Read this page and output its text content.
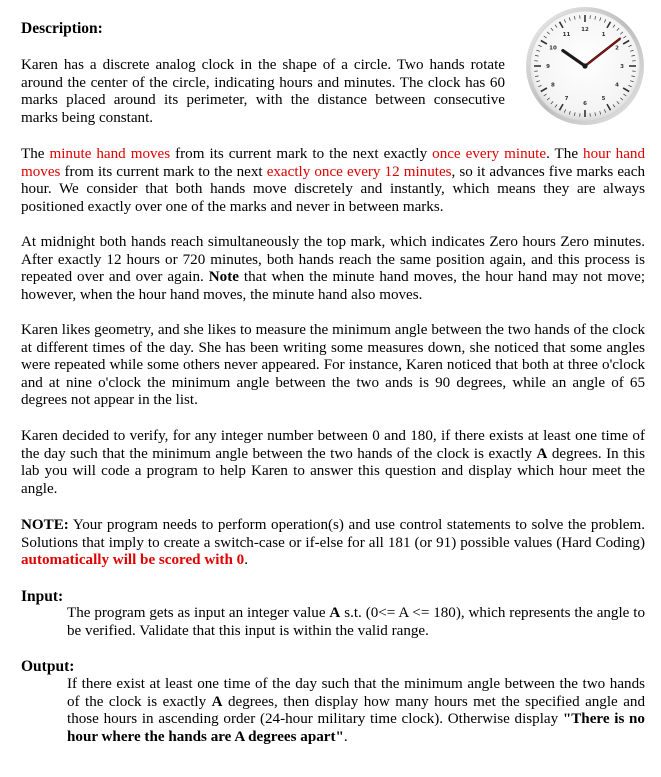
Description:	12
1
2
3
4
5
6
7
8
9
10
11

Karen has a discrete analog clock in the shape of a circle. Two hands rotate around the center of the circle, indicating hours and minutes. The clock has 60 marks placed around its perimeter, with the distance between consecutive marks being constant.

The minute hand moves from its current mark to the next exactly once every minute. The hour hand moves from its current mark to the next exactly once every 12 minutes, so it advances five marks each hour. We consider that both hands move discretely and instantly, which means they are always positioned exactly over one of the marks and never in between marks.

At midnight both hands reach simultaneously the top mark, which indicates Zero hours Zero minutes. After exactly 12 hours or 720 minutes, both hands reach the same position again, and this process is repeated over and over again. Note that when the minute hand moves, the hour hand may not move; however, when the hour hand moves, the minute hand also moves.

Karen likes geometry, and she likes to measure the minimum angle between the two hands of the clock at different times of the day. She has been writing some measures down, she noticed that some angles were repeated while some others never appeared. For instance, Karen noticed that both at three o'clock and at nine o'clock the minimum angle between the two ands is 90 degrees, while an angle of 65 degrees not appear in the list.

Karen decided to verify, for any integer number between 0 and 180, if there exists at least one time of the day such that the minimum angle between the two hands of the clock is exactly A degrees. In this lab you will code a program to help Karen to answer this question and display which hour meet the angle.

NOTE: Your program needs to perform operation(s) and use control statements to solve the problem. Solutions that imply to create a switch-case or if-else for all 181 (or 91) possible values (Hard Coding) automatically will be scored with 0.

Input:

The program gets as input an integer value A s.t. (0<= A <= 180), which represents the angle to be verified. Validate that this input is within the valid range.

Output:

If there exist at least one time of the day such that the minimum angle between the two hands of the clock is exactly A degrees, then display how many hours met the specified angle and those hours in ascending order (24-hour military time clock). Otherwise display "There is no hour where the hands are A degrees apart".
